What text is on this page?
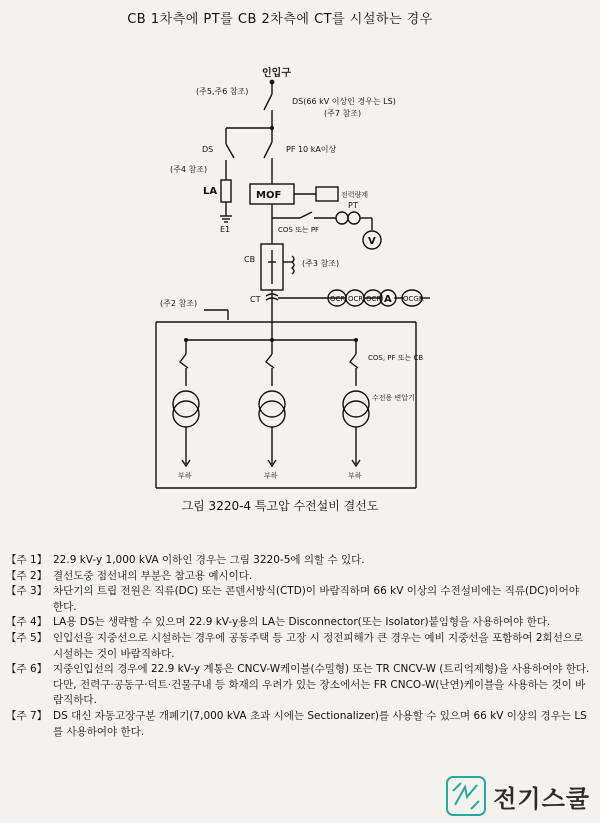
CB 1차측에 PT를 CB 2차측에 CT를 시설하는 경우
인입구
(주5,주6 참조)
DS(66 kV 이상인 경우는 LS)
(주7 참조)
DS
(주4 참조)
LA
E1
PF 10 kA이상
MOF	전력량계
COS 또는 PF
PT
V
CB	(주3 참조)
(주2 참조)	CT	OCR OCR OCR A OCGR
COS, PF 또는 CB
수전용 변압기
부하	부하	부하
그림 3220-4 특고압 수전설비 결선도
【주 1】 22.9 kV-y 1,000 kVA 이하인 경우는 그림 3220-5에 의할 수 있다.
【주 2】 결선도중 점선내의 부분은 참고용 예시이다.
【주 3】 차단기의 트립 전원은 직류(DC) 또는 콘덴서방식(CTD)이 바람직하며 66 kV 이상의 수전설비에는 직류(DC)이어야 한다.
【주 4】 LA용 DS는 생략할 수 있으며 22.9 kV-y용의 LA는 Disconnector(또는 Isolator)붙임형을 사용하여야 한다.
【주 5】 인입선을 지중선으로 시설하는 경우에 공동주택 등 고장 시 정전피해가 큰 경우는 예비 지중선을 포함하여 2회선으로 시설하는 것이 바람직하다.
【주 6】 지중인입선의 경우에 22.9 kV-y 계통은 CNCV-W케이블(수밀형) 또는 TR CNCV-W (트리억제형)을 사용하여야 한다. 다만, 전력구·공동구·덕트·건물구내 등 화재의 우려가 있는 장소에서는 FR CNCO-W(난연)케이블을 사용하는 것이 바람직하다.
【주 7】 DS 대신 자동고장구분 개폐기(7,000 kVA 초과 시에는 Sectionalizer)를 사용할 수 있으며 66 kV 이상의 경우는 LS를 사용하여야 한다.
전기스쿨
